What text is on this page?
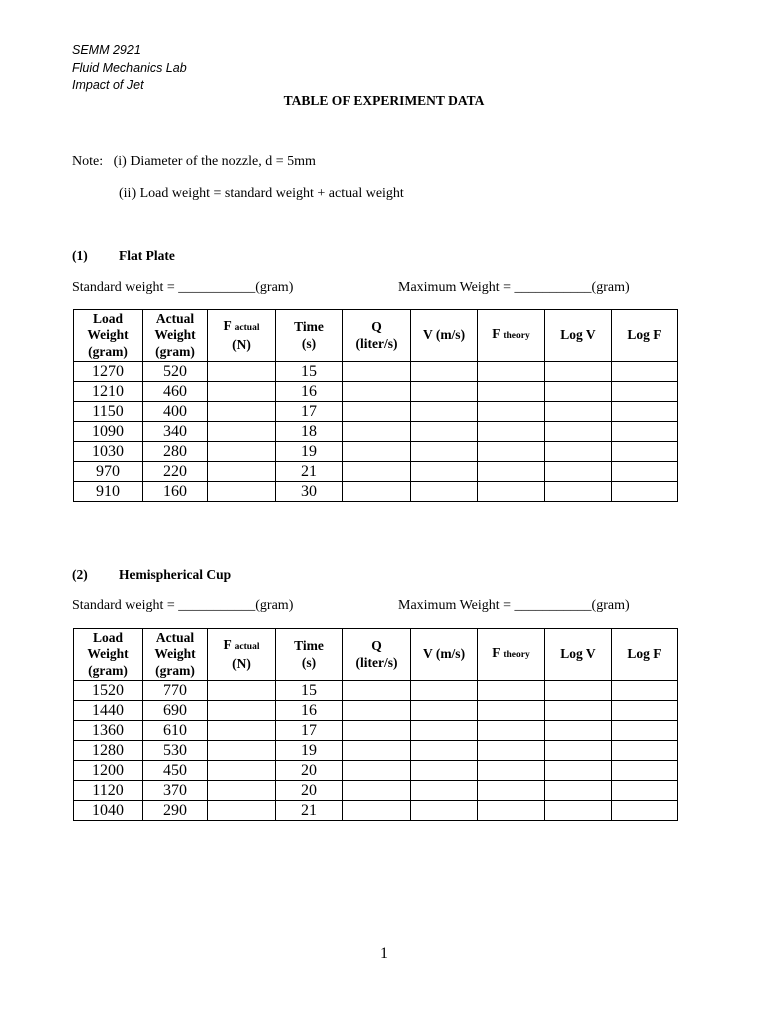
SEMM 2921
Fluid Mechanics Lab
Impact of Jet
TABLE OF EXPERIMENT DATA
Note: (i) Diameter of the nozzle, d = 5mm
(ii) Load weight = standard weight + actual weight
(1) Flat Plate
Standard weight = ___________(gram)	Maximum Weight = ___________(gram)
Load
Weight
(gram)	Actual
Weight
(gram)	F actual
(N)	Time
(s)	Q
(liter/s)	V (m/s)	F theory	Log V	Log F
1270	520		15					
1210	460		16					
1150	400		17					
1090	340		18					
1030	280		19					
970	220		21					
910	160		30					
(2) Hemispherical Cup
Standard weight = ___________(gram)	Maximum Weight = ___________(gram)
Load
Weight
(gram)	Actual
Weight
(gram)	F actual
(N)	Time
(s)	Q
(liter/s)	V (m/s)	F theory	Log V	Log F
1520	770		15					
1440	690		16					
1360	610		17					
1280	530		19					
1200	450		20					
1120	370		20					
1040	290		21					
1
